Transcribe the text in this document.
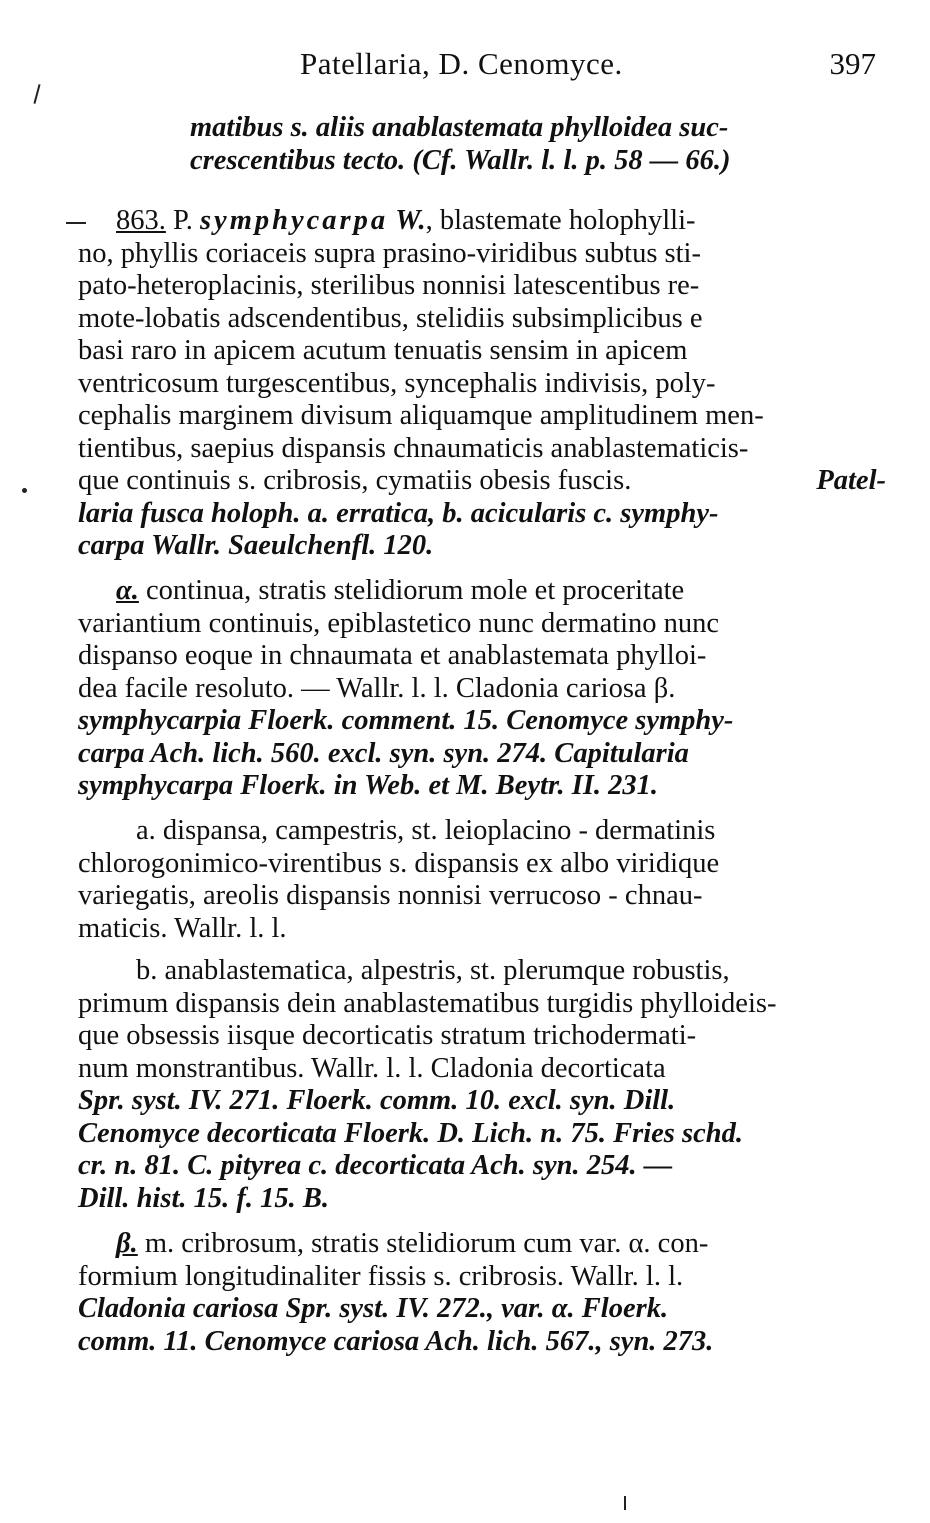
Patellaria, D. Cenomyce.	397
matibus s. aliis anablastemata phylloidea suc-
crescentibus tecto. (Cf. Wallr. l. l. p. 58 — 66.)
863.
P.
symphycarpa
W. , blastemate holophylli-
no, phyllis coriaceis supra prasino-viridibus subtus sti-
pato-heteroplacinis, sterilibus nonnisi latescentibus re-
mote-lobatis adscendentibus, stelidiis subsimplicibus e
basi raro in apicem acutum tenuatis sensim in apicem
ventricosum turgescentibus, syncephalis indivisis, poly-
cephalis marginem divisum aliquamque amplitudinem men-
tientibus, saepius dispansis chnaumaticis anablastematicis-
que continuis s. cribrosis, cymatiis obesis fuscis.
	Patel-
laria fusca holoph. a. erratica, b. acicularis c. symphy-
carpa Wallr. Saeulchenfl. 120.
α. continua, stratis stelidiorum mole et proceritate
variantium continuis, epiblastetico nunc dermatino nunc
dispanso eoque in chnaumata et anablastemata phylloi-
dea facile resoluto. — Wallr. l. l. Cladonia cariosa β.
symphycarpia Floerk. comment. 15. Cenomyce symphy-
carpa Ach. lich. 560. excl. syn. syn. 274. Capitularia
symphycarpa Floerk. in Web. et M. Beytr. II. 231.
a. dispansa, campestris, st. leioplacino - dermatinis
chlorogonimico-virentibus s. dispansis ex albo viridique
variegatis, areolis dispansis nonnisi verrucoso - chnau-
maticis. Wallr. l. l.
b. anablastematica, alpestris, st. plerumque robustis,
primum dispansis dein anablastematibus turgidis phylloideis-
que obsessis iisque decorticatis stratum trichodermati-
num monstrantibus. Wallr. l. l. Cladonia decorticata
Spr. syst. IV. 271. Floerk. comm. 10. excl. syn. Dill.
Cenomyce decorticata Floerk. D. Lich. n. 75. Fries schd.
cr. n. 81. C. pityrea c. decorticata Ach. syn. 254. —
Dill. hist. 15. f. 15. B.
β. m. cribrosum, stratis stelidiorum cum var. α. con-
formium longitudinaliter fissis s. cribrosis. Wallr. l. l.
Cladonia cariosa Spr. syst. IV. 272., var. α. Floerk.
comm. 11. Cenomyce cariosa Ach. lich. 567., syn. 273.
